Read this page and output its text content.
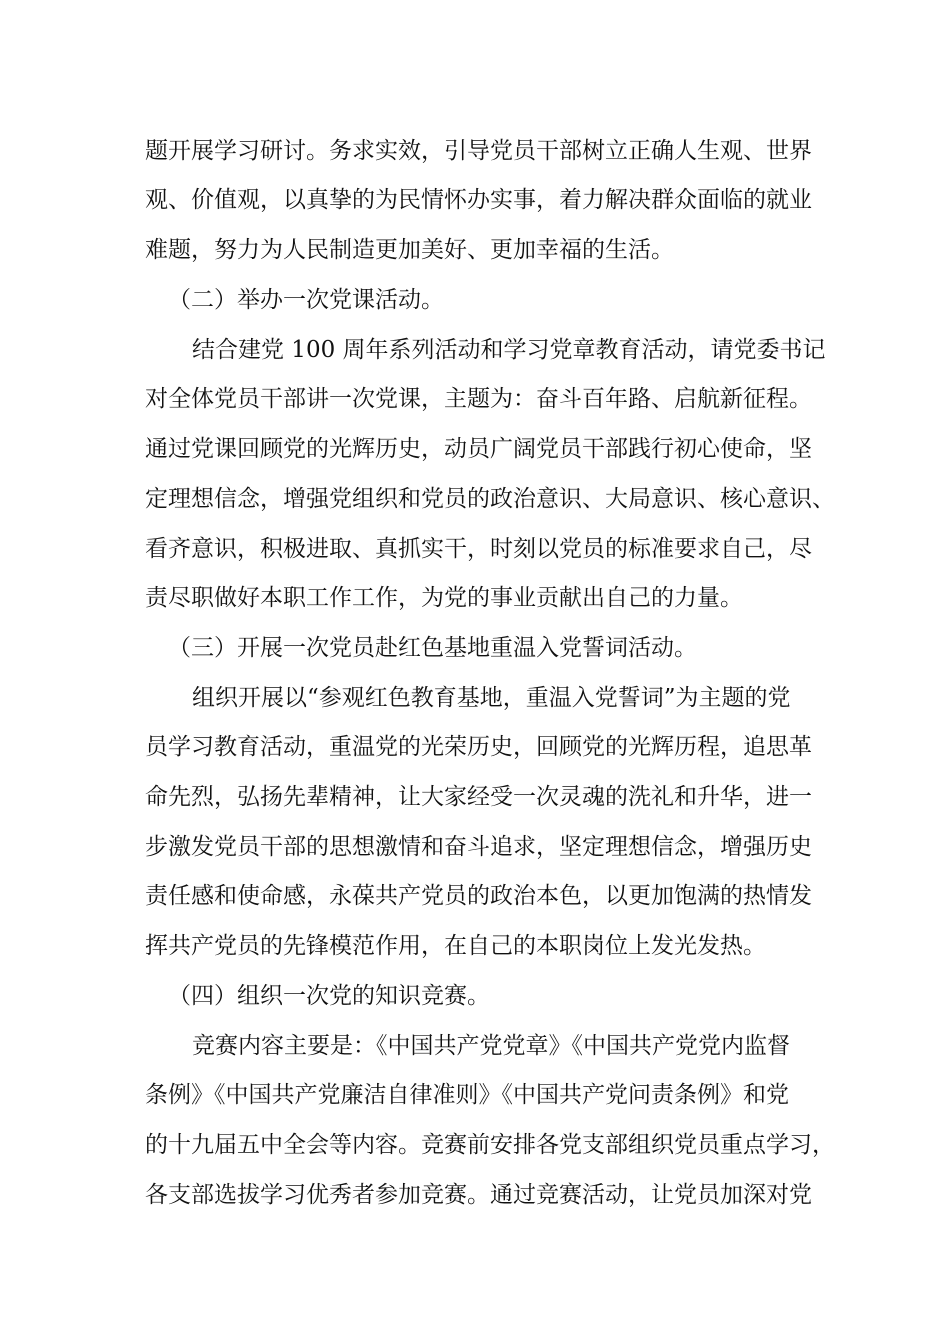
题开展学习研讨。务求实效，引导党员干部树立正确人生观、世界
观、价值观，以真挚的为民情怀办实事，着力解决群众面临的就业
难题，努力为人民制造更加美好、更加幸福的生活。
（二）举办一次党课活动。
结合建党 100 周年系列活动和学习党章教育活动，请党委书记
对全体党员干部讲一次党课，主题为：奋斗百年路、启航新征程。
通过党课回顾党的光辉历史，动员广阔党员干部践行初心使命，坚
定理想信念，增强党组织和党员的政治意识、大局意识、核心意识、
看齐意识，积极进取、真抓实干，时刻以党员的标准要求自己，尽
责尽职做好本职工作工作，为党的事业贡献出自己的力量。
（三）开展一次党员赴红色基地重温入党誓词活动。
组织开展以“参观红色教育基地，重温入党誓词”为主题的党
员学习教育活动，重温党的光荣历史，回顾党的光辉历程，追思革
命先烈，弘扬先辈精神，让大家经受一次灵魂的洗礼和升华，进一
步激发党员干部的思想激情和奋斗追求，坚定理想信念，增强历史
责任感和使命感，永葆共产党员的政治本色，以更加饱满的热情发
挥共产党员的先锋模范作用，在自己的本职岗位上发光发热。
（四）组织一次党的知识竞赛。
竞赛内容主要是：《中国共产党党章》《中国共产党党内监督
条例》《中国共产党廉洁自律准则》《中国共产党问责条例》和党
的十九届五中全会等内容。竞赛前安排各党支部组织党员重点学习，
各支部选拔学习优秀者参加竞赛。通过竞赛活动，让党员加深对党
